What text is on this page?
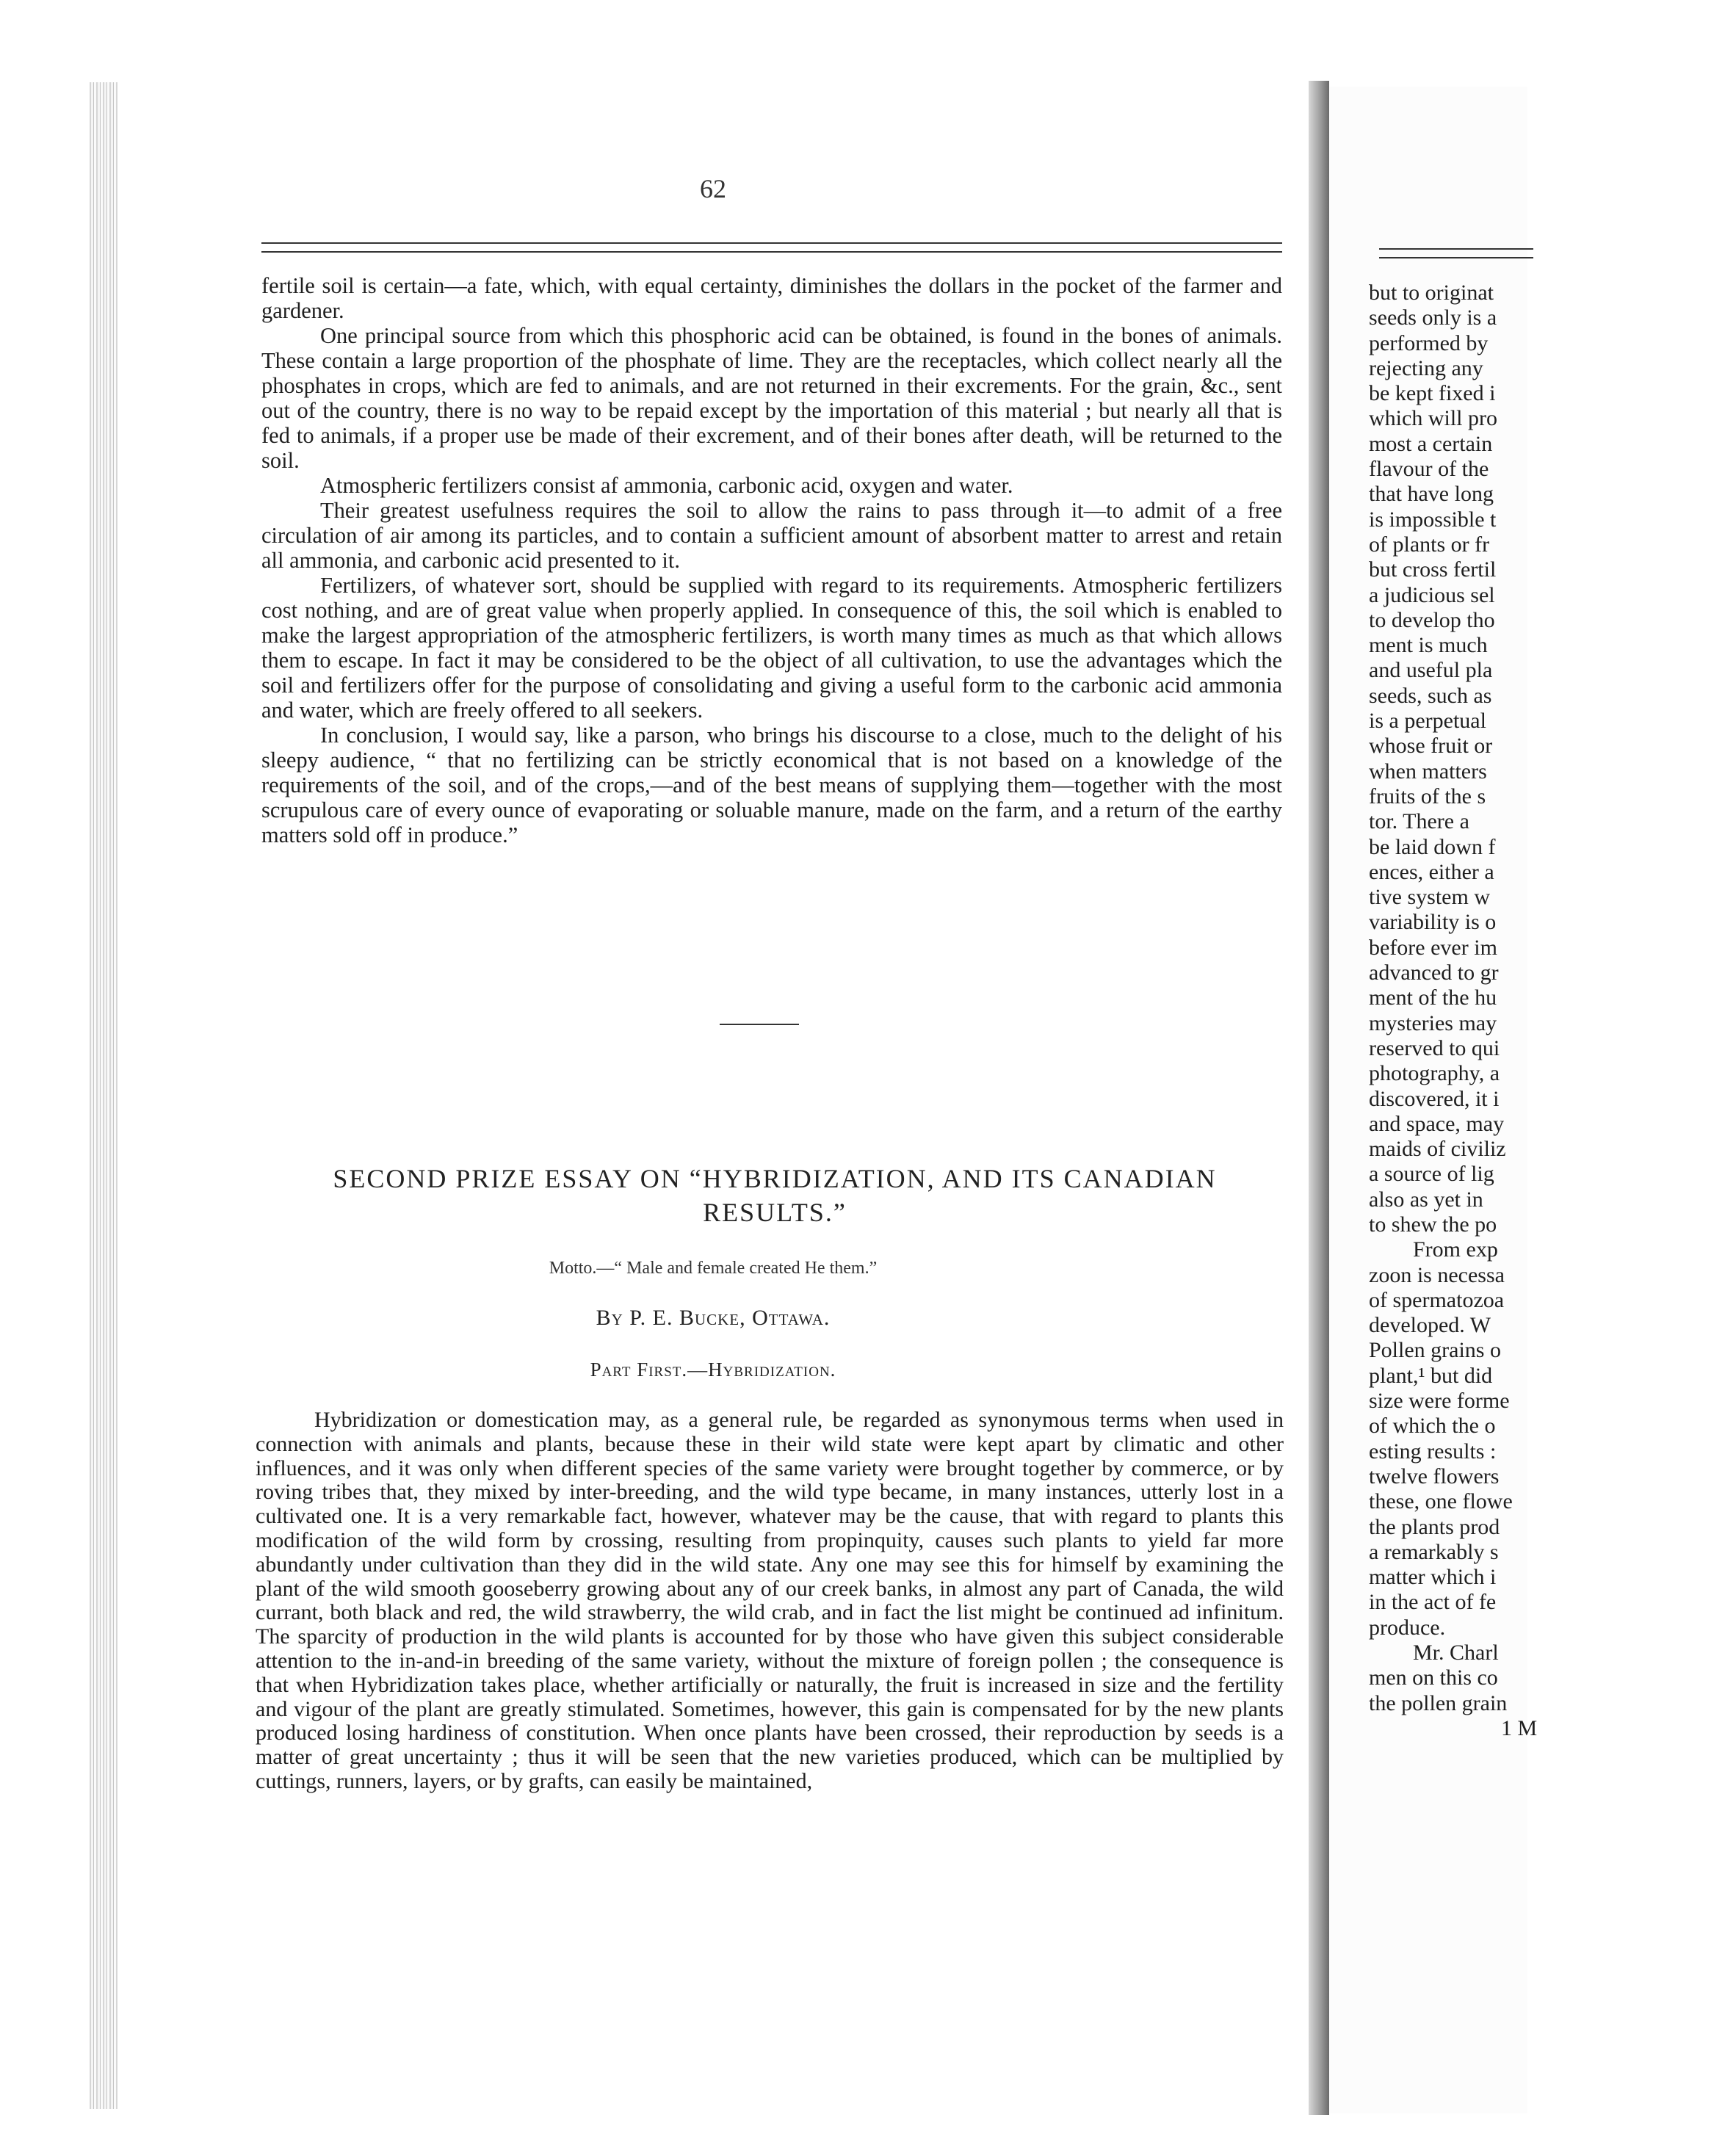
62

fertile soil is certain—a fate, which, with equal certainty, diminishes the dollars in the pocket of the farmer and gardener.

One principal source from which this phosphoric acid can be obtained, is found in the bones of animals. These contain a large proportion of the phosphate of lime. They are the receptacles, which collect nearly all the phosphates in crops, which are fed to animals, and are not returned in their excrements. For the grain, &c., sent out of the country, there is no way to be repaid except by the importation of this material ; but nearly all that is fed to animals, if a proper use be made of their excrement, and of their bones after death, will be returned to the soil.

Atmospheric fertilizers consist af ammonia, carbonic acid, oxygen and water.

Their greatest usefulness requires the soil to allow the rains to pass through it—to admit of a free circulation of air among its particles, and to contain a sufficient amount of absorbent matter to arrest and retain all ammonia, and carbonic acid presented to it.

Fertilizers, of whatever sort, should be supplied with regard to its requirements. Atmospheric fertilizers cost nothing, and are of great value when properly applied. In consequence of this, the soil which is enabled to make the largest appropriation of the atmospheric fertilizers, is worth many times as much as that which allows them to escape. In fact it may be considered to be the object of all cultivation, to use the advantages which the soil and fertilizers offer for the purpose of consolidating and giving a useful form to the carbonic acid ammonia and water, which are freely offered to all seekers.

In conclusion, I would say, like a parson, who brings his discourse to a close, much to the delight of his sleepy audience, “ that no fertilizing can be strictly economical that is not based on a knowledge of the requirements of the soil, and of the crops,—and of the best means of supplying them—together with the most scrupulous care of every ounce of evaporating or soluable manure, made on the farm, and a return of the earthy matters sold off in produce.”

SECOND PRIZE ESSAY ON “HYBRIDIZATION, AND ITS CANADIAN
RESULTS.”
Motto.—“ Male and female created He them.”
By P. E. Bucke, Ottawa.
Part First.—Hybridization.

Hybridization or domestication may, as a general rule, be regarded as synonymous terms when used in connection with animals and plants, because these in their wild state were kept apart by climatic and other influences, and it was only when different species of the same variety were brought together by commerce, or by roving tribes that, they mixed by inter-breeding, and the wild type became, in many instances, utterly lost in a cultivated one. It is a very remarkable fact, however, whatever may be the cause, that with regard to plants this modification of the wild form by crossing, resulting from propinquity, causes such plants to yield far more abundantly under cultivation than they did in the wild state. Any one may see this for himself by examining the plant of the wild smooth gooseberry growing about any of our creek banks, in almost any part of Canada, the wild currant, both black and red, the wild strawberry, the wild crab, and in fact the list might be continued ad infinitum. The sparcity of production in the wild plants is accounted for by those who have given this subject considerable attention to the in-and-in breeding of the same variety, without the mixture of foreign pollen ; the consequence is that when Hybridization takes place, whether artificially or naturally, the fruit is increased in size and the fertility and vigour of the plant are greatly stimulated. Sometimes, however, this gain is compensated for by the new plants produced losing hardiness of constitution. When once plants have been crossed, their reproduction by seeds is a matter of great uncertainty ; thus it will be seen that the new varieties produced, which can be multiplied by cuttings, runners, layers, or by grafts, can easily be maintained,

but to originat
seeds only is a
performed by
rejecting any
be kept fixed i
which will pro
most a certain
flavour of the
that have long
is impossible t
of plants or fr
but cross fertil
a judicious sel
to develop tho
ment is much
and useful pla
seeds, such as
is a perpetual
whose fruit or
when matters
fruits of the s
tor. There a
be laid down f
ences, either a
tive system w
variability is o
before ever im
advanced to gr
ment of the hu
mysteries may
reserved to qui
photography, a
discovered, it i
and space, may
maids of civiliz
a source of lig
also as yet in
to shew the po
From exp
zoon is necessa
of spermatozoa
developed. W
Pollen grains o
plant,¹ but did
size were forme
of which the o
esting results :
twelve flowers
these, one flowe
the plants prod
a remarkably s
matter which i
in the act of fe
produce.
Mr. Charl
men on this co
the pollen grain
1 M
